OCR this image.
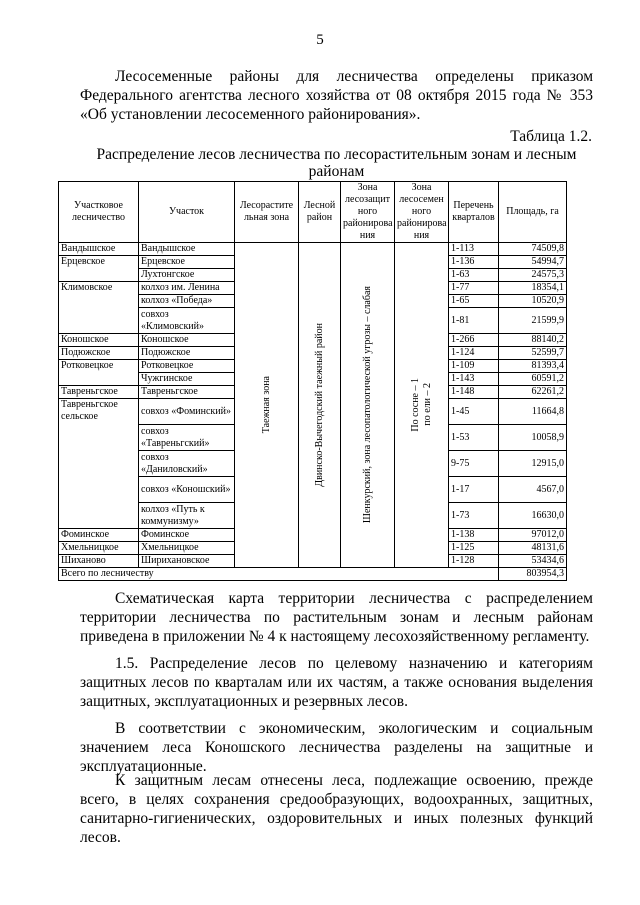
5

Лесосеменные районы для лесничества определены приказом Федерального агентства лесного хозяйства от 08 октября 2015 года № 353 «Об установлении лесосеменного районирования».

Таблица 1.2.
Распределение лесов лесничества по лесорастительным зонам и лесным районам
Участковое лесничество	Участок	Лесорастите льная зона	Лесной район	Зона лесозащит ного районирова ния	Зона лесосемен ного районирова ния	Перечень кварталов	Площадь, га
Вандышское	Вандышское	Таежная зона	Двинско-Вычегодский таежный район	Шенкурский, зона лесопатологической угрозы – слабая	По сосне – 1 по ели – 2	1-113	74509,8
Ерцевское	Ерцевское					1-136	54994,7
	Лухтонгское					1-63	24575,3
Климовское	колхоз им. Ленина					1-77	18354,1
	колхоз «Победа»					1-65	10520,9
	совхоз «Климовский»					1-81	21599,9
Коношское	Коношское					1-266	88140,2
Подюжское	Подюжское					1-124	52599,7
Ротковецкое	Ротковецкое					1-109	81393,4
	Чужгинское					1-143	60591,2
Тавреньгское	Тавреньгское					1-148	62261,2
Тавреньгское сельское	совхоз «Фоминский»					1-45	11664,8
	совхоз «Тавреньгский»					1-53	10058,9
	совхоз «Даниловский»					9-75	12915,0
	совхоз «Коношский»					1-17	4567,0
	колхоз «Путь к коммунизму»					1-73	16630,0
Фоминское	Фоминское					1-138	97012,0
Хмельницкое	Хмельницкое					1-125	48131,6
Шиханово	Ширихановское					1-128	53434,6
Всего по лесничеству							803954,3

Схематическая карта территории лесничества с распределением территории лесничества по растительным зонам и лесным районам приведена в приложении № 4 к настоящему лесохозяйственному регламенту.

1.5. Распределение лесов по целевому назначению и категориям защитных лесов по кварталам или их частям, а также основания выделения защитных, эксплуатационных и резервных лесов.

В соответствии с экономическим, экологическим и социальным значением леса Коношского лесничества разделены на защитные и эксплуатационные.

К защитным лесам отнесены леса, подлежащие освоению, прежде всего, в целях сохранения средообразующих, водоохранных, защитных, санитарно-гигиенических, оздоровительных и иных полезных функций лесов.
